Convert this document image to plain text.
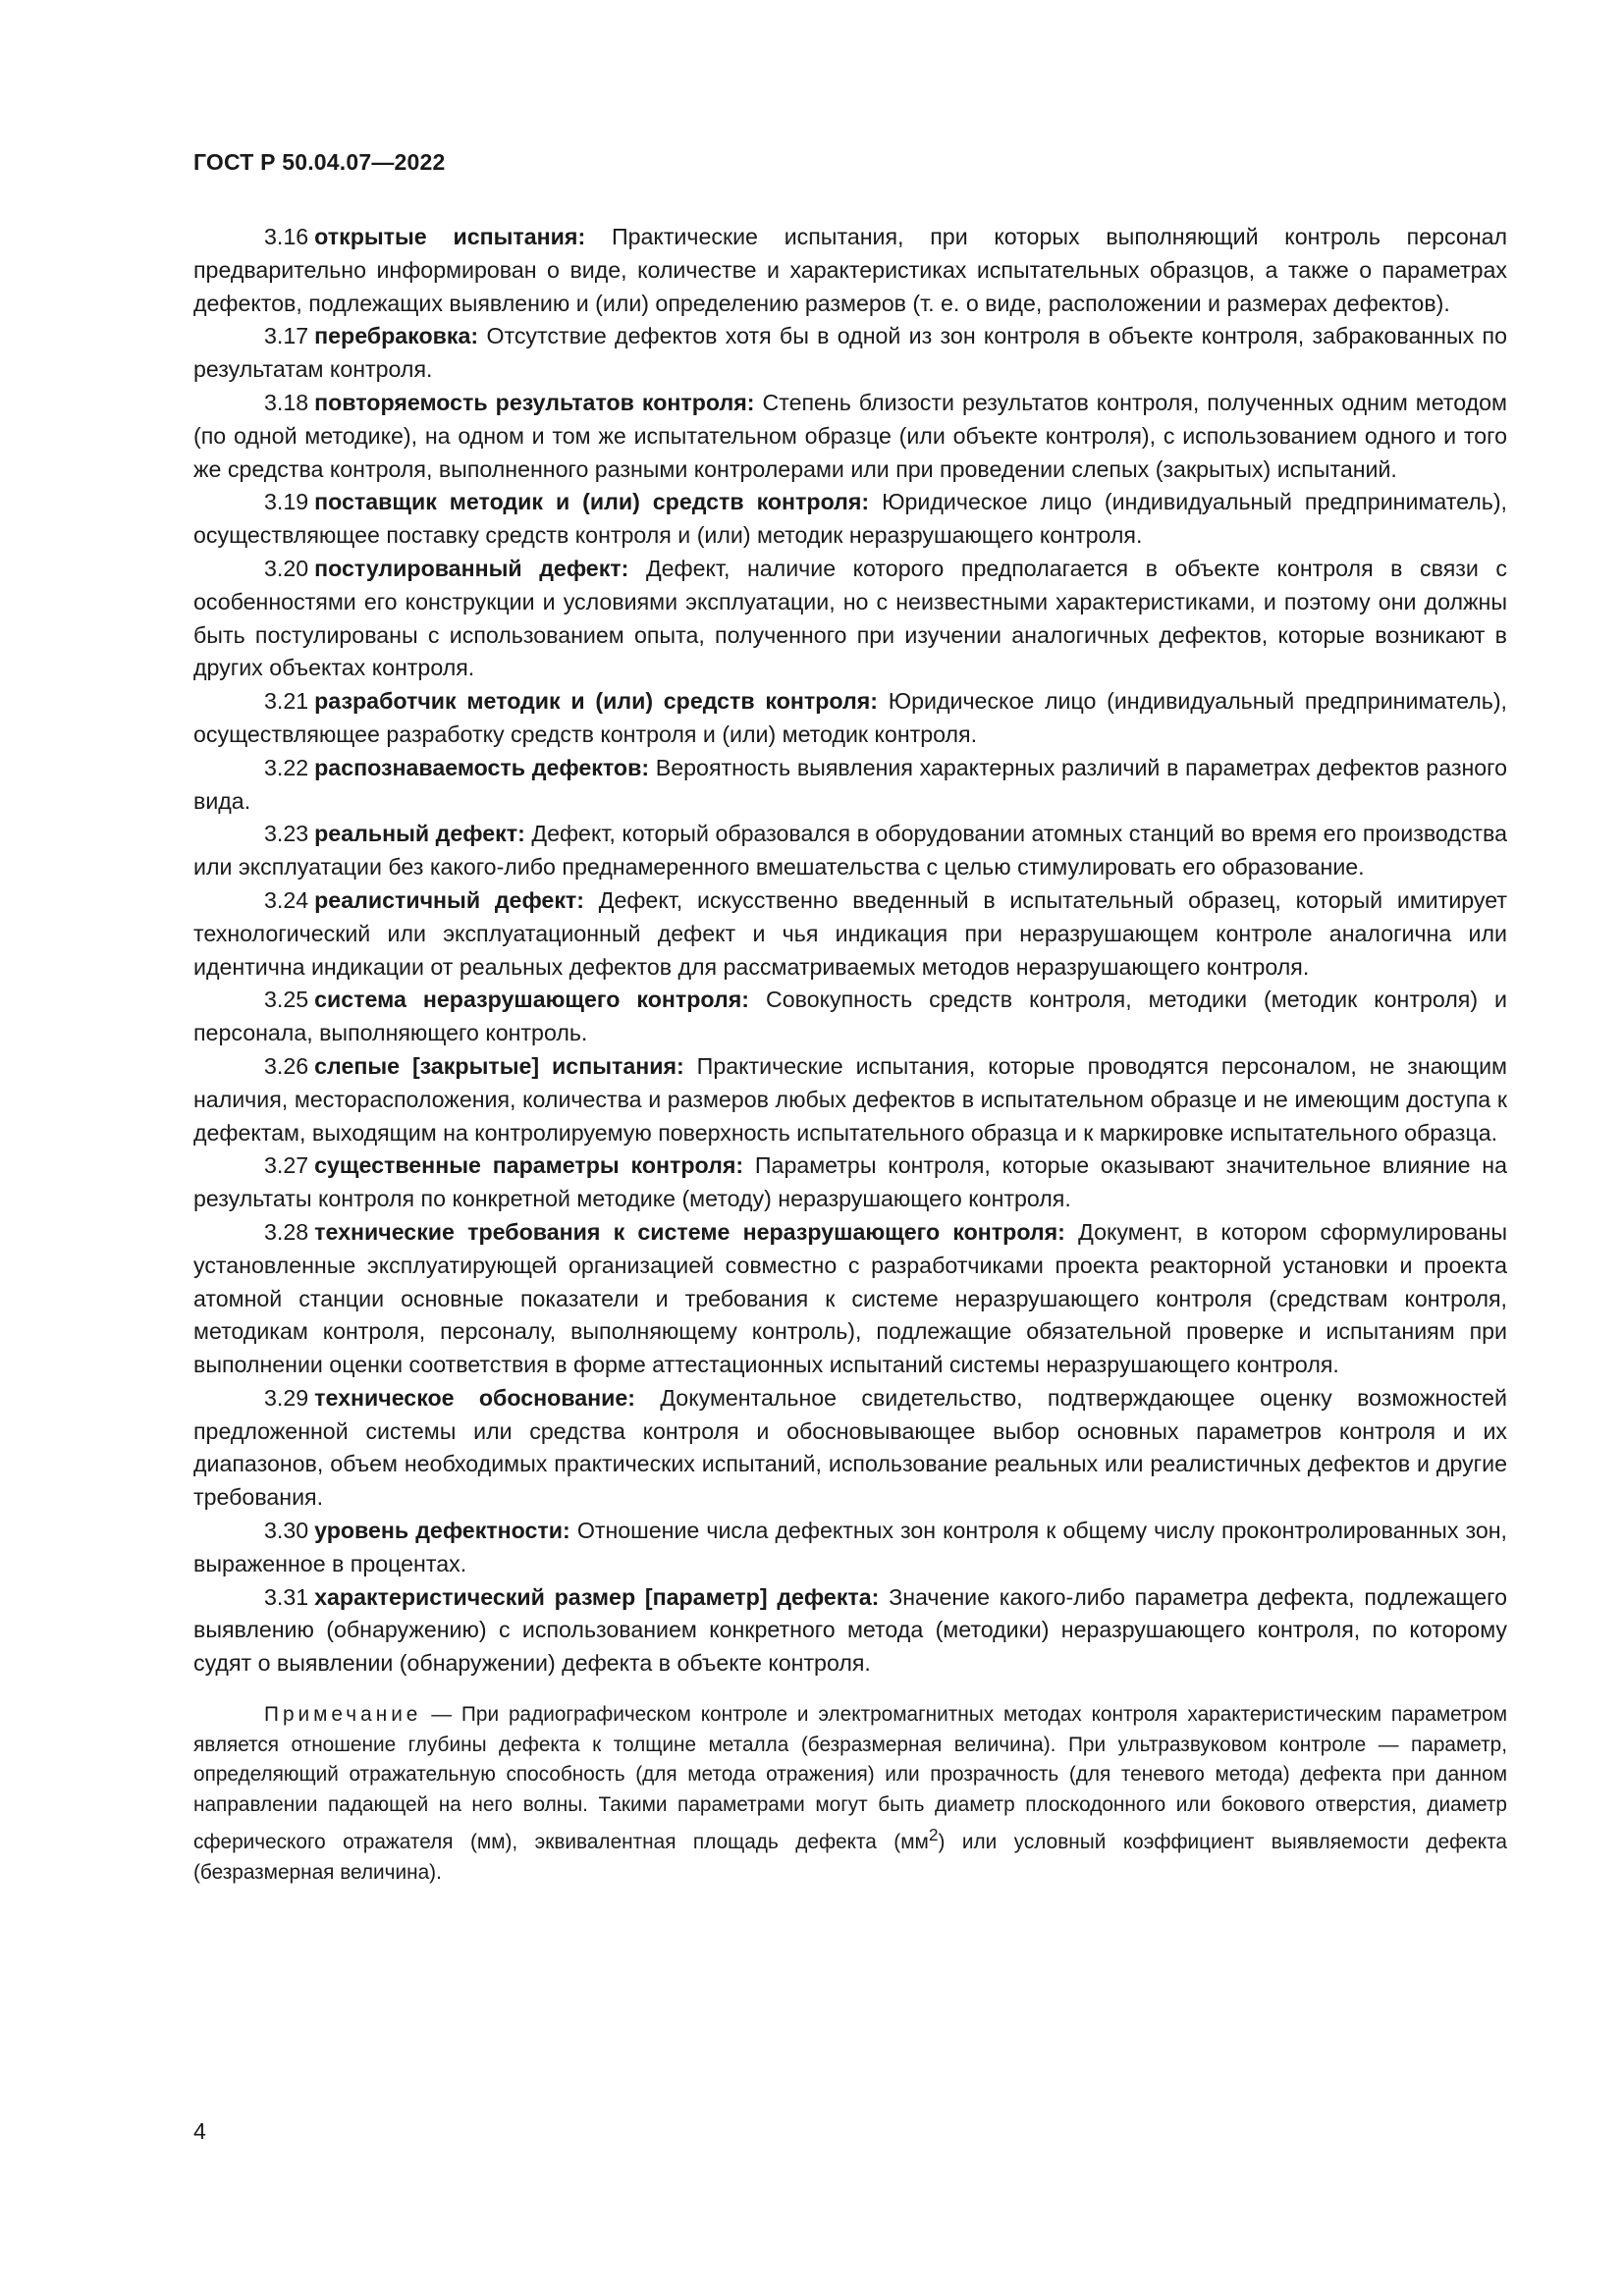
ГОСТ Р 50.04.07—2022

3.16 открытые испытания: Практические испытания, при которых выполняющий контроль персонал предварительно информирован о виде, количестве и характеристиках испытательных образцов, а также о параметрах дефектов, подлежащих выявлению и (или) определению размеров (т. е. о виде, расположении и размерах дефектов).

3.17 перебраковка: Отсутствие дефектов хотя бы в одной из зон контроля в объекте контроля, забракованных по результатам контроля.

3.18 повторяемость результатов контроля: Степень близости результатов контроля, полученных одним методом (по одной методике), на одном и том же испытательном образце (или объекте контроля), с использованием одного и того же средства контроля, выполненного разными контролерами или при проведении слепых (закрытых) испытаний.

3.19 поставщик методик и (или) средств контроля: Юридическое лицо (индивидуальный предприниматель), осуществляющее поставку средств контроля и (или) методик неразрушающего контроля.

3.20 постулированный дефект: Дефект, наличие которого предполагается в объекте контроля в связи с особенностями его конструкции и условиями эксплуатации, но с неизвестными характеристиками, и поэтому они должны быть постулированы с использованием опыта, полученного при изучении аналогичных дефектов, которые возникают в других объектах контроля.

3.21 разработчик методик и (или) средств контроля: Юридическое лицо (индивидуальный предприниматель), осуществляющее разработку средств контроля и (или) методик контроля.

3.22 распознаваемость дефектов: Вероятность выявления характерных различий в параметрах дефектов разного вида.

3.23 реальный дефект: Дефект, который образовался в оборудовании атомных станций во время его производства или эксплуатации без какого-либо преднамеренного вмешательства с целью стимулировать его образование.

3.24 реалистичный дефект: Дефект, искусственно введенный в испытательный образец, который имитирует технологический или эксплуатационный дефект и чья индикация при неразрушающем контроле аналогична или идентична индикации от реальных дефектов для рассматриваемых методов неразрушающего контроля.

3.25 система неразрушающего контроля: Совокупность средств контроля, методики (методик контроля) и персонала, выполняющего контроль.

3.26 слепые [закрытые] испытания: Практические испытания, которые проводятся персоналом, не знающим наличия, месторасположения, количества и размеров любых дефектов в испытательном образце и не имеющим доступа к дефектам, выходящим на контролируемую поверхность испытательного образца и к маркировке испытательного образца.

3.27 существенные параметры контроля: Параметры контроля, которые оказывают значительное влияние на результаты контроля по конкретной методике (методу) неразрушающего контроля.

3.28 технические требования к системе неразрушающего контроля: Документ, в котором сформулированы установленные эксплуатирующей организацией совместно с разработчиками проекта реакторной установки и проекта атомной станции основные показатели и требования к системе неразрушающего контроля (средствам контроля, методикам контроля, персоналу, выполняющему контроль), подлежащие обязательной проверке и испытаниям при выполнении оценки соответствия в форме аттестационных испытаний системы неразрушающего контроля.

3.29 техническое обоснование: Документальное свидетельство, подтверждающее оценку возможностей предложенной системы или средства контроля и обосновывающее выбор основных параметров контроля и их диапазонов, объем необходимых практических испытаний, использование реальных или реалистичных дефектов и другие требования.

3.30 уровень дефектности: Отношение числа дефектных зон контроля к общему числу проконтролированных зон, выраженное в процентах.

3.31 характеристический размер [параметр] дефекта: Значение какого-либо параметра дефекта, подлежащего выявлению (обнаружению) с использованием конкретного метода (методики) неразрушающего контроля, по которому судят о выявлении (обнаружении) дефекта в объекте контроля.

Примечание — При радиографическом контроле и электромагнитных методах контроля характеристическим параметром является отношение глубины дефекта к толщине металла (безразмерная величина). При ультразвуковом контроле — параметр, определяющий отражательную способность (для метода отражения) или прозрачность (для теневого метода) дефекта при данном направлении падающей на него волны. Такими параметрами могут быть диаметр плоскодонного или бокового отверстия, диаметр сферического отражателя (мм), эквивалентная площадь дефекта $(мм^2)$ или условный коэффициент выявляемости дефекта (безразмерная величина).

4
